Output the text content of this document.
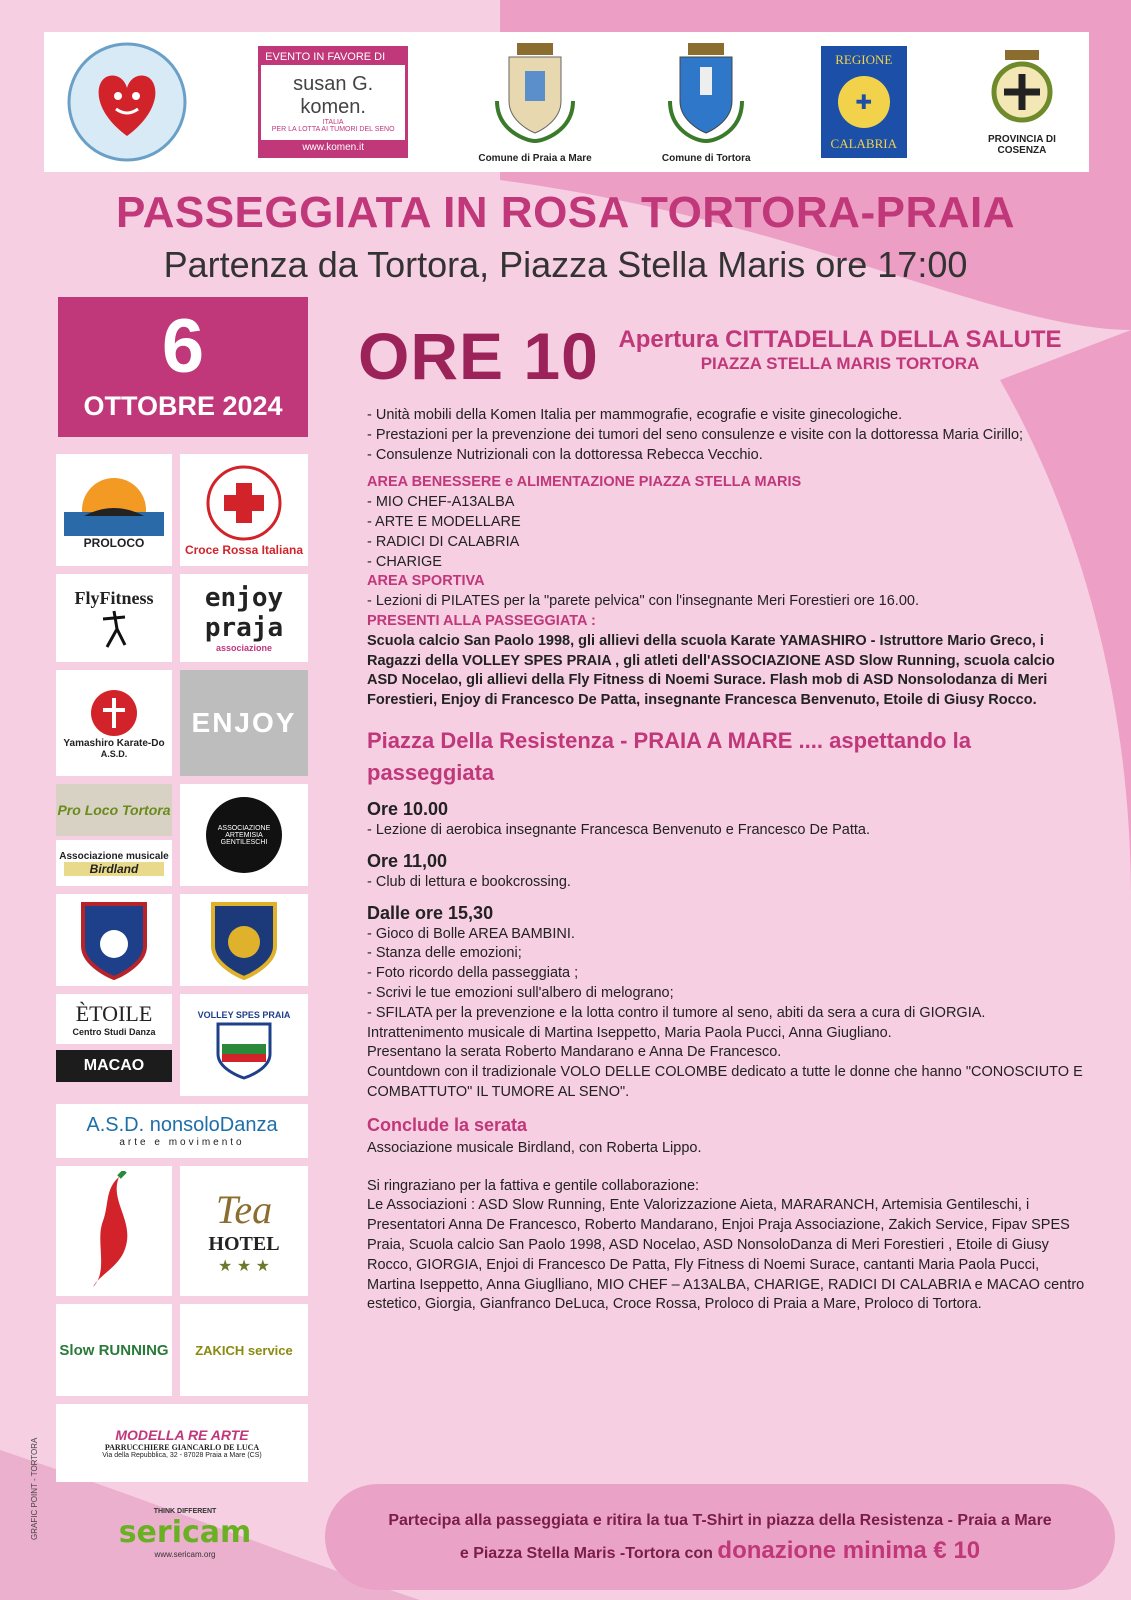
EVENTO IN FAVORE DI
susan G. komen.
ITALIA
PER LA LOTTA AI TUMORI DEL SENO
www.komen.it
Comune di Praia a Mare	Comune di Tortora
REGIONE
✚
CALABRIA	PROVINCIA DI COSENZA
PASSEGGIATA IN ROSA TORTORA-PRAIA
Partenza da Tortora, Piazza Stella Maris ore 17:00
6
OTTOBRE 2024
ORE 10 Apertura CITTADELLA DELLA SALUTE
PIAZZA STELLA MARIS TORTORA
PROLOCO	Croce Rossa Italiana
FlyFitness	enjoy praja
associazione
Yamashiro Karate-Do
A.S.D.
ENJOY
Pro Loco Tortora
Associazione musicale
Birdland
ASSOCIAZIONE ARTEMISIA GENTILESCHI
ÈTOILE
Centro Studi Danza
MACAO
VOLLEY SPES PRAIA
A.S.D. nonsoloDanza
arte e movimento
Tea
HOTEL
★ ★ ★
Slow RUNNING ZAKICH service
MODELLA RE ARTE
PARRUCCHIERE GIANCARLO DE LUCA
Via della Repubblica, 32 - 87028 Praia a Mare (CS)

- Unità mobili della Komen Italia per mammografie, ecografie e visite ginecologiche.

- Prestazioni per la prevenzione dei tumori del seno consulenze e visite con la dottoressa Maria Cirillo;

- Consulenze Nutrizionali con la dottoressa Rebecca Vecchio.

AREA BENESSERE e ALIMENTAZIONE PIAZZA STELLA MARIS

- MIO CHEF-A13ALBA

- ARTE E MODELLARE

- RADICI DI CALABRIA

- CHARIGE

AREA SPORTIVA

- Lezioni di PILATES per la "parete pelvica" con l'insegnante Meri Forestieri ore 16.00.

PRESENTI ALLA PASSEGGIATA :

Scuola calcio San Paolo 1998, gli allievi della scuola Karate YAMASHIRO - Istruttore Mario Greco, i Ragazzi della VOLLEY SPES PRAIA , gli atleti dell'ASSOCIAZIONE ASD Slow Running, scuola calcio ASD Nocelao, gli allievi della Fly Fitness di Noemi Surace. Flash mob di ASD Nonsolodanza di Meri Forestieri, Enjoy di Francesco De Patta, insegnante Francesca Benvenuto, Etoile di Giusy Rocco.

Piazza Della Resistenza - PRAIA A MARE .... aspettando la passeggiata

Ore 10.00

- Lezione di aerobica insegnante Francesca Benvenuto e Francesco De Patta.

Ore 11,00

- Club di lettura e bookcrossing.

Dalle ore 15,30

- Gioco di Bolle AREA BAMBINI.

- Stanza delle emozioni;

- Foto ricordo della passeggiata ;

- Scrivi le tue emozioni sull'albero di melograno;

- SFILATA per la prevenzione e la lotta contro il tumore al seno, abiti da sera a cura di GIORGIA.

Intrattenimento musicale di Martina Iseppetto, Maria Paola Pucci, Anna Giugliano.

Presentano la serata Roberto Mandarano e Anna De Francesco.

Countdown con il tradizionale VOLO DELLE COLOMBE dedicato a tutte le donne che hanno "CONOSCIUTO E COMBATTUTO" IL TUMORE AL SENO".

Conclude la serata

Associazione musicale Birdland, con Roberta Lippo.

Si ringraziano per la fattiva e gentile collaborazione:

Le Associazioni : ASD Slow Running, Ente Valorizzazione Aieta, MARARANCH, Artemisia Gentileschi, i Presentatori Anna De Francesco, Roberto Mandarano, Enjoi Praja Associazione, Zakich Service, Fipav SPES Praia, Scuola calcio San Paolo 1998, ASD Nocelao, ASD NonsoloDanza di Meri Forestieri , Etoile di Giusy Rocco, GIORGIA, Enjoi di Francesco De Patta, Fly Fitness di Noemi Surace, cantanti Maria Paola Pucci, Martina Iseppetto, Anna Giuglliano, MIO CHEF – A13ALBA, CHARIGE, RADICI DI CALABRIA e MACAO centro estetico, Giorgia, Gianfranco DeLuca, Croce Rossa, Proloco di Praia a Mare, Proloco di Tortora.

Partecipa alla passeggiata e ritira la tua T-Shirt in piazza della Resistenza - Praia a Mare
e Piazza Stella Maris -Tortora con donazione minima € 10
THINK DIFFERENT
sericam
www.sericam.org
GRAFIC POINT - TORTORA
